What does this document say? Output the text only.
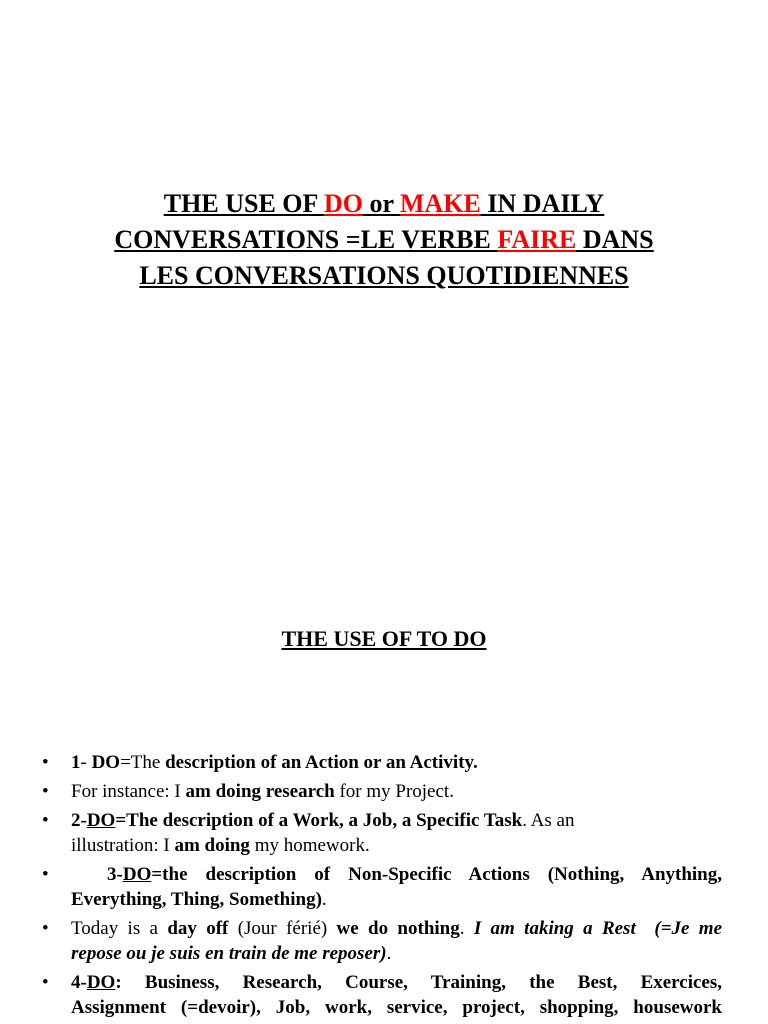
THE USE OF DO or MAKE IN DAILY
CONVERSATIONS =LE VERBE FAIRE DANS
LES CONVERSATIONS QUOTIDIENNES
THE USE OF TO DO
• 1- DO=The description of an Action or an Activity.
• For instance: I am doing research for my Project.
• 2-DO=The description of a Work, a Job, a Specific Task. As an
illustration: I am doing my homework.
• 3-DO=the description of Non-Specific Actions (Nothing, Anything,
Everything, Thing, Something).
• Today is a day off (Jour férié) we do nothing. I am taking a Rest  (=Je me
repose ou je suis en train de me reposer).
• 4-DO: Business, Research, Course, Training, the Best, Exercices,
Assignment (=devoir), Job, work, service, project, shopping, housework
